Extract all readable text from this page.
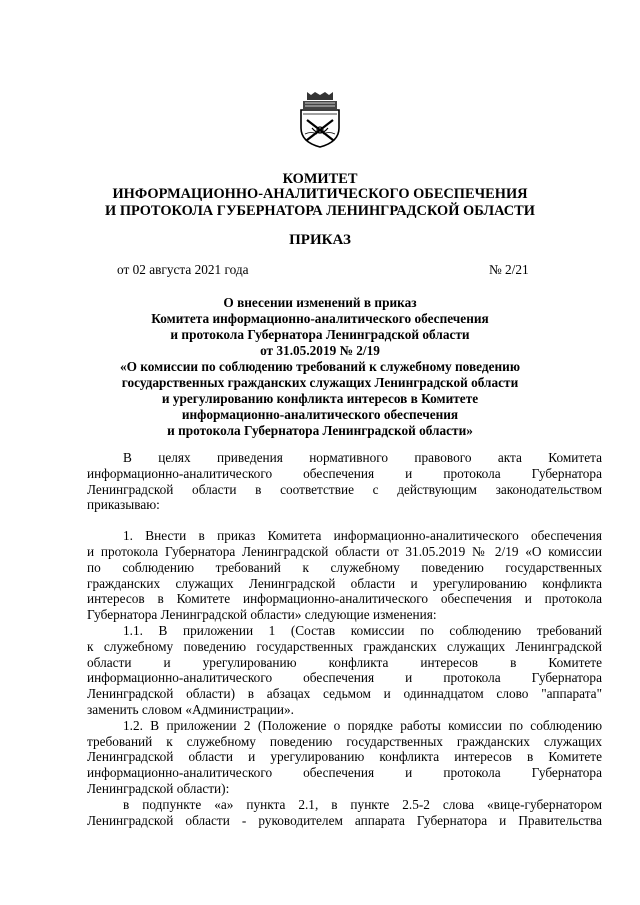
КОМИТЕТ
ИНФОРМАЦИОННО-АНАЛИТИЧЕСКОГО ОБЕСПЕЧЕНИЯ
И ПРОТОКОЛА ГУБЕРНАТОРА ЛЕНИНГРАДСКОЙ ОБЛАСТИ
ПРИКАЗ
от 02 августа 2021 года	№ 2/21
О внесении изменений в приказ
Комитета информационно-аналитического обеспечения
и протокола Губернатора Ленинградской области
от 31.05.2019 № 2/19
«О комиссии по соблюдению требований к служебному поведению
государственных гражданских служащих Ленинградской области
и урегулированию конфликта интересов в Комитете
информационно-аналитического обеспечения
и протокола Губернатора Ленинградской области»
В целях приведения нормативного правового акта Комитета
информационно-аналитического обеспечения и протокола Губернатора
Ленинградской области в соответствие с действующим законодательством
приказываю:
1. Внести в приказ Комитета информационно-аналитического обеспечения
и протокола Губернатора Ленинградской области от 31.05.2019 № 2/19 «О комиссии
по соблюдению требований к служебному поведению государственных
гражданских служащих Ленинградской области и урегулированию конфликта
интересов в Комитете информационно-аналитического обеспечения и протокола
Губернатора Ленинградской области» следующие изменения:
1.1. В приложении 1 (Состав комиссии по соблюдению требований
к служебному поведению государственных гражданских служащих Ленинградской
области и урегулированию конфликта интересов в Комитете
информационно-аналитического обеспечения и протокола Губернатора
Ленинградской области) в абзацах седьмом и одиннадцатом слово "аппарата"
заменить словом «Администрации».
1.2. В приложении 2 (Положение о порядке работы комиссии по соблюдению
требований к служебному поведению государственных гражданских служащих
Ленинградской области и урегулированию конфликта интересов в Комитете
информационно-аналитического обеспечения и протокола Губернатора
Ленинградской области):
в подпункте «а» пункта 2.1, в пункте 2.5-2 слова «вице-губернатором
Ленинградской области - руководителем аппарата Губернатора и Правительства
